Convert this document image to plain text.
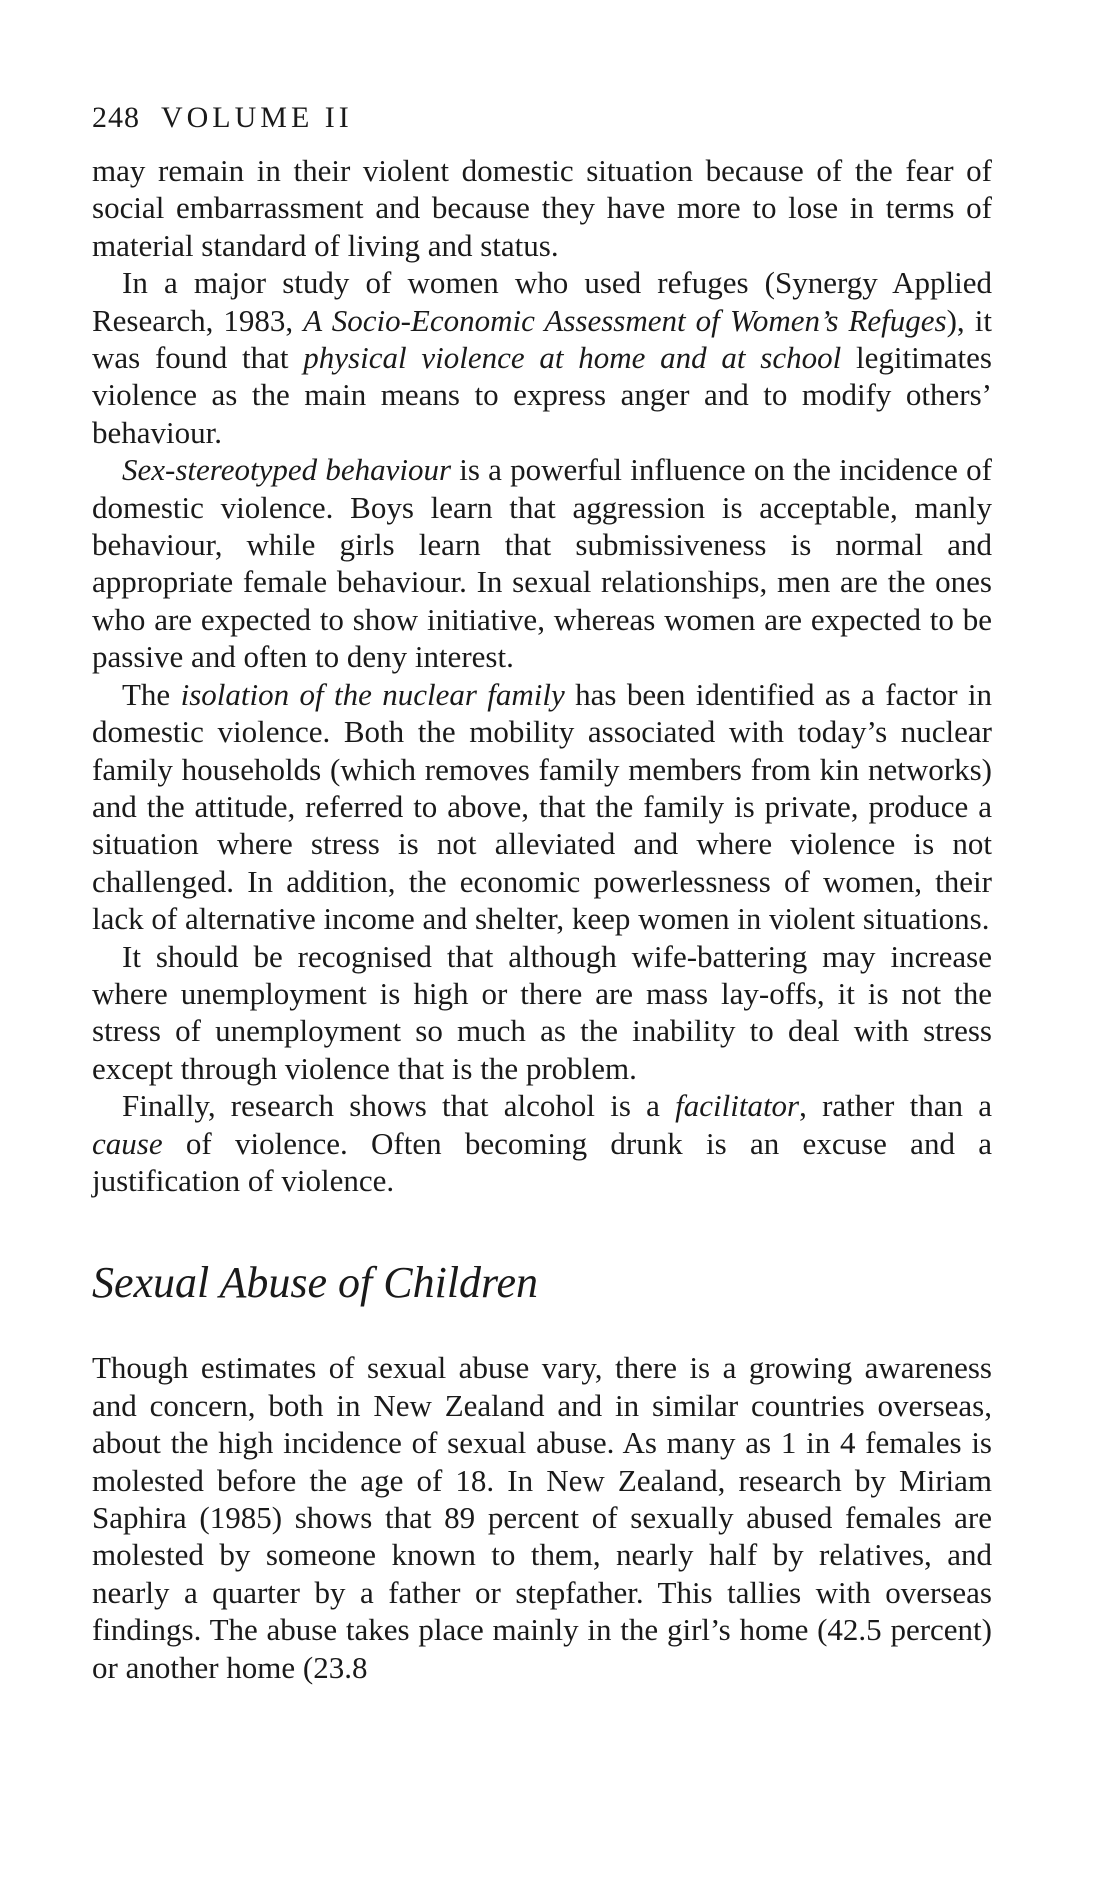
248 VOLUME II

may remain in their violent domestic situation because of the fear of social embarrassment and because they have more to lose in terms of material standard of living and status.

In a major study of women who used refuges (Synergy Applied Research, 1983, A Socio-Economic Assessment of Women’s Refuges), it was found that physical violence at home and at school legitimates violence as the main means to express anger and to modify others’ behaviour.

Sex-stereotyped behaviour is a powerful influence on the incidence of domestic violence. Boys learn that aggression is acceptable, manly behaviour, while girls learn that submissiveness is normal and appropriate female behaviour. In sexual relationships, men are the ones who are expected to show initiative, whereas women are expected to be passive and often to deny interest.

The isolation of the nuclear family has been identified as a factor in domestic violence. Both the mobility associated with today’s nuclear family households (which removes family members from kin networks) and the attitude, referred to above, that the family is private, produce a situation where stress is not alleviated and where violence is not challenged. In addition, the economic powerlessness of women, their lack of alternative income and shelter, keep women in violent situations.

It should be recognised that although wife-battering may increase where unemployment is high or there are mass lay-offs, it is not the stress of unemployment so much as the inability to deal with stress except through violence that is the problem.

Finally, research shows that alcohol is a facilitator, rather than a cause of violence. Often becoming drunk is an excuse and a justification of violence.

Sexual Abuse of Children

Though estimates of sexual abuse vary, there is a growing awareness and concern, both in New Zealand and in similar countries overseas, about the high incidence of sexual abuse. As many as 1 in 4 females is molested before the age of 18. In New Zealand, research by Miriam Saphira (1985) shows that 89 percent of sexually abused females are molested by someone known to them, nearly half by relatives, and nearly a quarter by a father or stepfather. This tallies with overseas findings. The abuse takes place mainly in the girl’s home (42.5 percent) or another home (23.8
